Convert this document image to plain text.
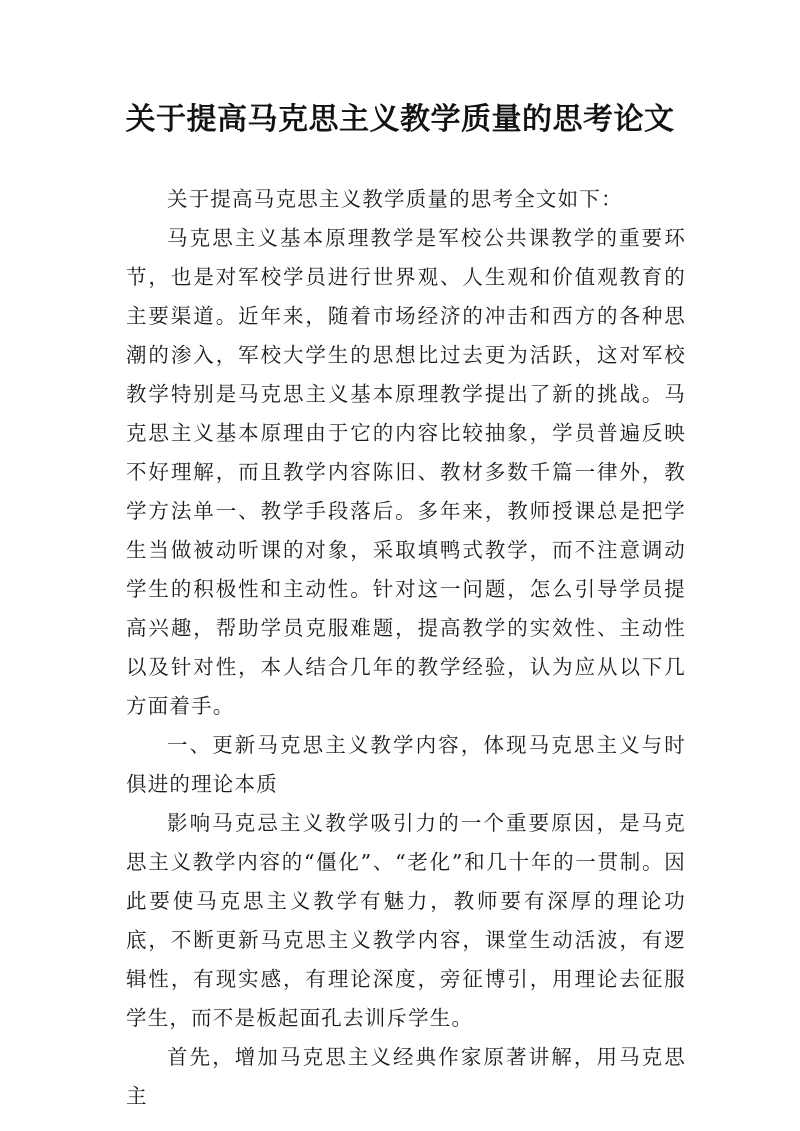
关于提高马克思主义教学质量的思考论文

关于提高马克思主义教学质量的思考全文如下：

马克思主义基本原理教学是军校公共课教学的重要环节，也是对军校学员进行世界观、人生观和价值观教育的主要渠道。近年来，随着市场经济的冲击和西方的各种思潮的渗入，军校大学生的思想比过去更为活跃，这对军校教学特别是马克思主义基本原理教学提出了新的挑战。马克思主义基本原理由于它的内容比较抽象，学员普遍反映不好理解，而且教学内容陈旧、教材多数千篇一律外，教学方法单一、教学手段落后。多年来，教师授课总是把学生当做被动听课的对象，采取填鸭式教学，而不注意调动学生的积极性和主动性。针对这一问题，怎么引导学员提高兴趣，帮助学员克服难题，提高教学的实效性、主动性以及针对性，本人结合几年的教学经验，认为应从以下几方面着手。

一、更新马克思主义教学内容，体现马克思主义与时俱进的理论本质

影响马克忌主义教学吸引力的一个重要原因，是马克思主义教学内容的“僵化”、“老化”和几十年的一贯制。因此要使马克思主义教学有魅力，教师要有深厚的理论功底，不断更新马克思主义教学内容，课堂生动活波，有逻辑性，有现实感，有理论深度，旁征博引，用理论去征服学生，而不是板起面孔去训斥学生。

首先，增加马克思主义经典作家原著讲解，用马克思主
